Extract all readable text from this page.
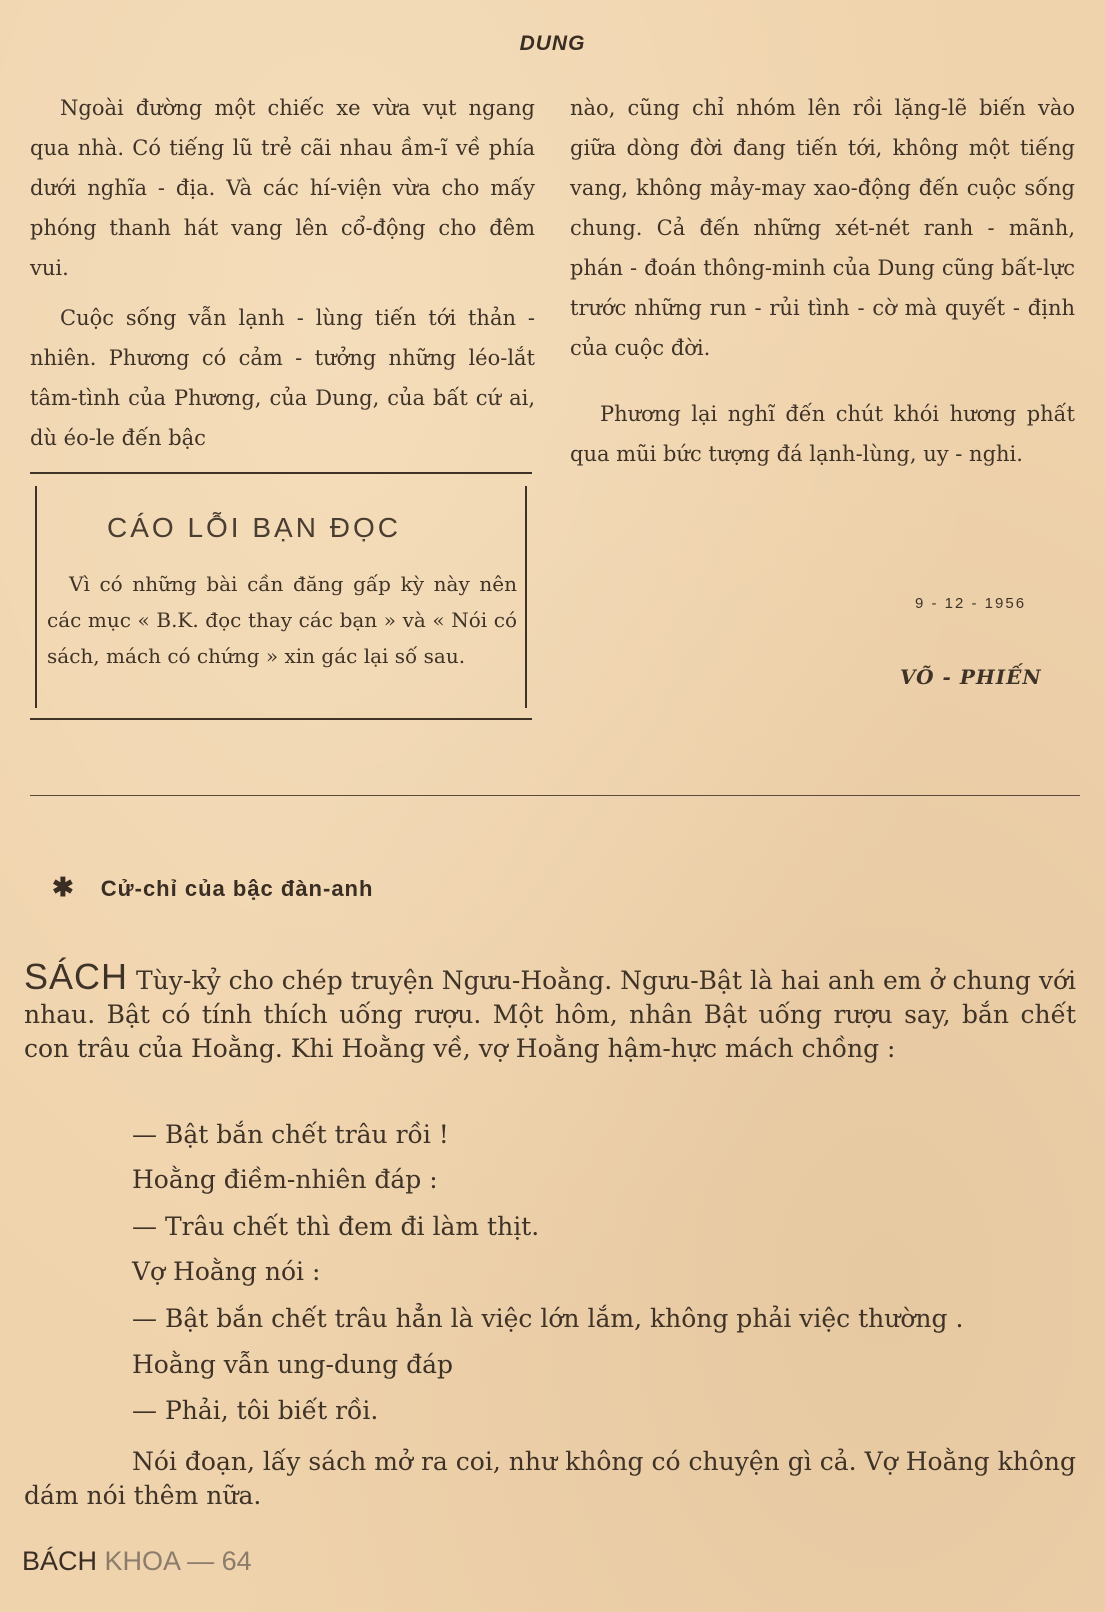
DUNG

Ngoài đường một chiếc xe vừa vụt ngang qua nhà. Có tiếng lũ trẻ cãi nhau ầm-ĩ về phía dưới nghĩa - địa. Và các hí-viện vừa cho mấy phóng thanh hát vang lên cổ-động cho đêm vui.

Cuộc sống vẫn lạnh - lùng tiến tới thản - nhiên. Phương có cảm - tưởng những léo-lắt tâm-tình của Phương, của Dung, của bất cứ ai, dù éo-le đến bậc

CÁO LỖI BẠN ĐỌC
Vì có những bài cần đăng gấp kỳ này nên các mục « B.K. đọc thay các bạn » và « Nói có sách, mách có chứng » xin gác lại số sau.

nào, cũng chỉ nhóm lên rồi lặng-lẽ biến vào giữa dòng đời đang tiến tới, không một tiếng vang, không mảy-may xao-động đến cuộc sống chung. Cả đến những xét-nét ranh - mãnh, phán - đoán thông-minh của Dung cũng bất-lực trước những run - rủi tình - cờ mà quyết - định của cuộc đời.

Phương lại nghĩ đến chút khói hương phất qua mũi bức tượng đá lạnh-lùng, uy - nghi.

9 - 12 - 1956
VÕ - PHIẾN
✱ Cử-chỉ của bậc đàn-anh

SÁCH Tùy-kỷ cho chép truyện Ngưu-Hoằng. Ngưu-Bật là hai anh em ở chung với nhau. Bật có tính thích uống rượu. Một hôm, nhân Bật uống rượu say, bắn chết con trâu của Hoằng. Khi Hoằng về, vợ Hoằng hậm-hực mách chồng :

— Bật bắn chết trâu rồi !
Hoằng điềm-nhiên đáp :
— Trâu chết thì đem đi làm thịt.
Vợ Hoằng nói :
— Bật bắn chết trâu hẳn là việc lớn lắm, không phải việc thường .
Hoằng vẫn ung-dung đáp
— Phải, tôi biết rồi.
Nói đoạn, lấy sách mở ra coi, như không có chuyện gì cả. Vợ Hoằng không dám nói thêm nữa.
BÁCH KHOA — 64
